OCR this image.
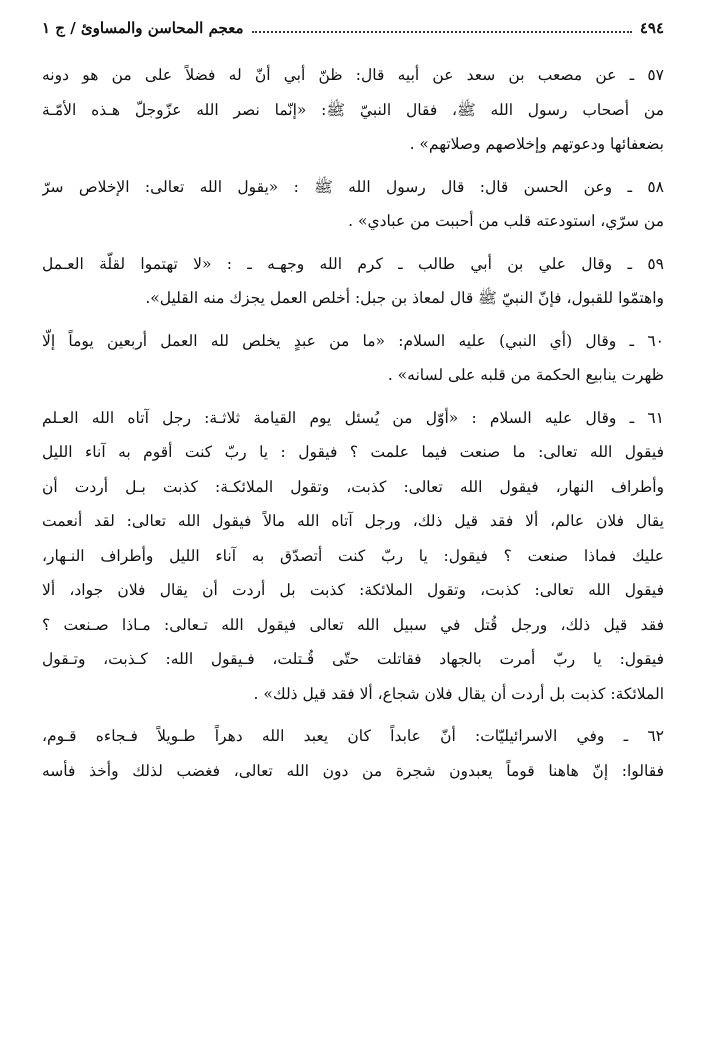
٤٩٤
معجم المحاسن والمساوئ / ج ١
٥٧ ـ عن مصعب بن سعد عن أبيه قال: ظنّ أبي أنّ له فضلاً على من هو دونه
من أصحاب رسول الله ﷺ، فقال النبيّ ﷺ: «إنّما نصر الله عزّوجلّ هـذه الأمّـة
بضعفائها ودعوتهم وإخلاصهم وصلاتهم» .
٥٨ ـ وعن الحسن قال: قال رسول الله ﷺ : «يقول الله تعالى: الإخلاص سرّ
من سرّي، استودعته قلب من أحببت من عبادي» .
٥٩ ـ وقال علي بن أبي طالب ـ كرم الله وجهـه ـ : «لا تهتموا لقلّة العـمل
واهتمّوا للقبول، فإنّ النبيّ ﷺ قال لمعاذ بن جبل: أخلص العمل يجزك منه القليل».
٦٠ ـ وقال (أي النبي) عليه السلام: «ما من عبدٍ يخلص لله العمل أربعين يوماً إلّا
ظهرت ينابيع الحكمة من قلبه على لسانه» .
٦١ ـ وقال عليه السلام : «أوّل من يُسئل يوم القيامة ثلاثـة: رجل آتاه الله العـلم
فيقول الله تعالى: ما صنعت فيما علمت ؟ فيقول : يا ربّ كنت أقوم به آناء الليل
وأطراف النهار، فيقول الله تعالى: كذبت، وتقول الملائكـة: كذبت بـل أردت أن
يقال فلان عالم، ألا فقد قيل ذلك، ورجل آتاه الله مالاً فيقول الله تعالى: لقد أنعمت
عليك فماذا صنعت ؟ فيقول: يا ربّ كنت أتصدّق به آناء الليل وأطراف النـهار،
فيقول الله تعالى: كذبت، وتقول الملائكة: كذبت بل أردت أن يقال فلان جواد، ألا
فقد قيل ذلك، ورجل قُتل في سبيل الله تعالى فيقول الله تـعالى: مـاذا صـنعت ؟
فيقول: يا ربّ أمرت بالجهاد فقاتلت حتّى قُـتلت، فـيقول الله: كـذبت، وتـقول
الملائكة: كذبت بل أردت أن يقال فلان شجاع، ألا فقد قيل ذلك» .
٦٢ ـ وفي الاسرائيليّات: أنّ عابداً كان يعبد الله دهراً طـويلاً فـجاءه قـوم،
فقالوا: إنّ هاهنا قوماً يعبدون شجرة من دون الله تعالى، فغضب لذلك وأخذ فأسه
